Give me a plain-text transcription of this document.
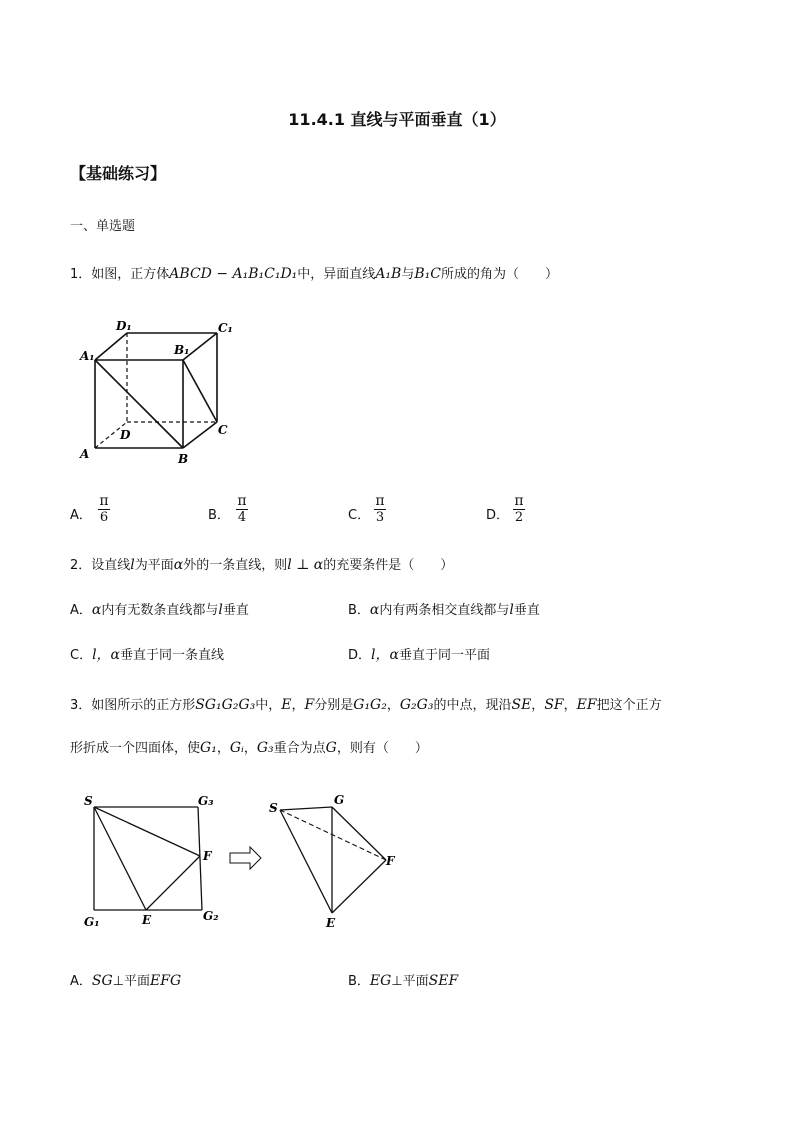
11.4.1 直线与平面垂直（1）
【基础练习】
一、单选题
1．如图，正方体ABCD − A₁B₁C₁D₁中，异面直线A₁B与B₁C所成的角为（　　）
D₁	C₁
A₁	B₁
D	C
A	B
A．
π
6	B．
π
4	C．
π
3	D．
π
2
2．设直线l为平面α外的一条直线，则l ⊥ α的充要条件是（　　）
A．α内有无数条直线都与l垂直	B．α内有两条相交直线都与l垂直
C．l，α垂直于同一条直线	D．l，α垂直于同一平面
3．如图所示的正方形SG₁G₂G₃中，E，F分别是G₁G₂，G₂G₃的中点，现沿SE，SF，EF把这个正方
形折成一个四面体，使G₁，Gᵢ，G₃重合为点G，则有（　　）
S	G₃
F
G₁	E	G₂
S
G
F
E
A．SG⊥平面EFG	B．EG⊥平面SEF
